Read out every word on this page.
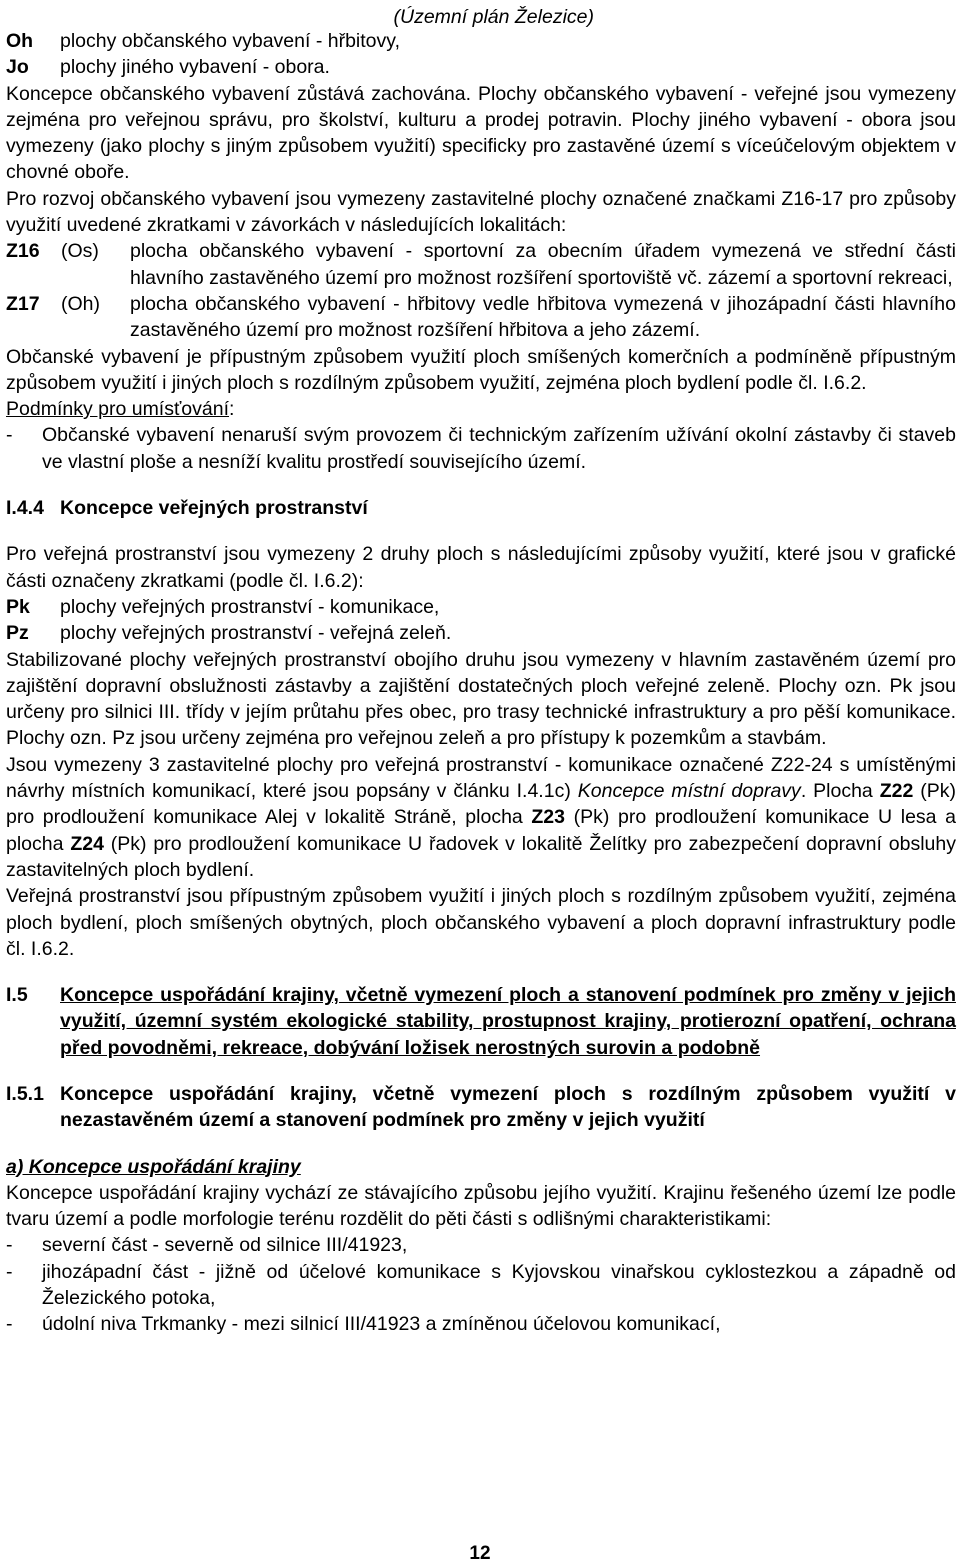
(Územní plán Železice)
Oh	plochy občanského vybavení - hřbitovy,
Jo	plochy jiného vybavení - obora.

Koncepce občanského vybavení zůstává zachována. Plochy občanského vybavení - veřejné jsou vymezeny zejména pro veřejnou správu, pro školství, kulturu a prodej potravin. Plochy jiného vybavení - obora jsou vymezeny (jako plochy s jiným způsobem využití) specificky pro zastavěné území s víceúčelovým objektem v chovné oboře.

Pro rozvoj občanského vybavení jsou vymezeny zastavitelné plochy označené značkami Z16-17 pro způsoby využití uvedené zkratkami v závorkách v následujících lokalitách:

Z16	(Os)	plocha občanského vybavení - sportovní za obecním úřadem vymezená ve střední části hlavního zastavěného území pro možnost rozšíření sportoviště vč. zázemí a sportovní rekreaci,
Z17	(Oh)	plocha občanského vybavení - hřbitovy vedle hřbitova vymezená v jihozápadní části hlavního zastavěného území pro možnost rozšíření hřbitova a jeho zázemí.

Občanské vybavení je přípustným způsobem využití ploch smíšených komerčních a podmíněně přípustným způsobem využití i jiných ploch s rozdílným způsobem využití, zejména ploch bydlení podle čl. I.6.2.

Podmínky pro umísťování:
-	Občanské vybavení nenaruší svým provozem či technickým zařízením užívání okolní zástavby či staveb ve vlastní ploše a nesníží kvalitu prostředí souvisejícího území.
I.4.4 Koncepce veřejných prostranství

Pro veřejná prostranství jsou vymezeny 2 druhy ploch s následujícími způsoby využití, které jsou v grafické části označeny zkratkami (podle čl. I.6.2):

Pk	plochy veřejných prostranství - komunikace,
Pz	plochy veřejných prostranství - veřejná zeleň.

Stabilizované plochy veřejných prostranství obojího druhu jsou vymezeny v hlavním zastavěném území pro zajištění dopravní obslužnosti zástavby a zajištění dostatečných ploch veřejné zeleně. Plochy ozn. Pk jsou určeny pro silnici III. třídy v jejím průtahu přes obec, pro trasy technické infrastruktury a pro pěší komunikace. Plochy ozn. Pz jsou určeny zejména pro veřejnou zeleň a pro přístupy k pozemkům a stavbám.

Jsou vymezeny 3 zastavitelné plochy pro veřejná prostranství - komunikace označené Z22-24 s umístěnými návrhy místních komunikací, které jsou popsány v článku I.4.1c) Koncepce místní dopravy. Plocha Z22 (Pk) pro prodloužení komunikace Alej v lokalitě Stráně, plocha Z23 (Pk) pro prodloužení komunikace U lesa a plocha Z24 (Pk) pro prodloužení komunikace U řadovek v lokalitě Želítky pro zabezpečení dopravní obsluhy zastavitelných ploch bydlení.

Veřejná prostranství jsou přípustným způsobem využití i jiných ploch s rozdílným způsobem využití, zejména ploch bydlení, ploch smíšených obytných, ploch občanského vybavení a ploch dopravní infrastruktury podle čl. I.6.2.

I.5	Koncepce uspořádání krajiny, včetně vymezení ploch a stanovení podmínek pro změny v jejich využití, územní systém ekologické stability, prostupnost krajiny, protierozní opatření, ochrana před povodněmi, rekreace, dobývání ložisek nerostných surovin a podobně
I.5.1 Koncepce uspořádání krajiny, včetně vymezení ploch s rozdílným způsobem využití v nezastavěném území a stanovení podmínek pro změny v jejich využití
a) Koncepce uspořádání krajiny

Koncepce uspořádání krajiny vychází ze stávajícího způsobu jejího využití. Krajinu řešeného území lze podle tvaru území a podle morfologie terénu rozdělit do pěti části s odlišnými charakteristikami:

-	severní část - severně od silnice III/41923,
-	jihozápadní část - jižně od účelové komunikace s Kyjovskou vinařskou cyklostezkou a západně od Železického potoka,
-	údolní niva Trkmanky - mezi silnicí III/41923 a zmíněnou účelovou komunikací,
12
